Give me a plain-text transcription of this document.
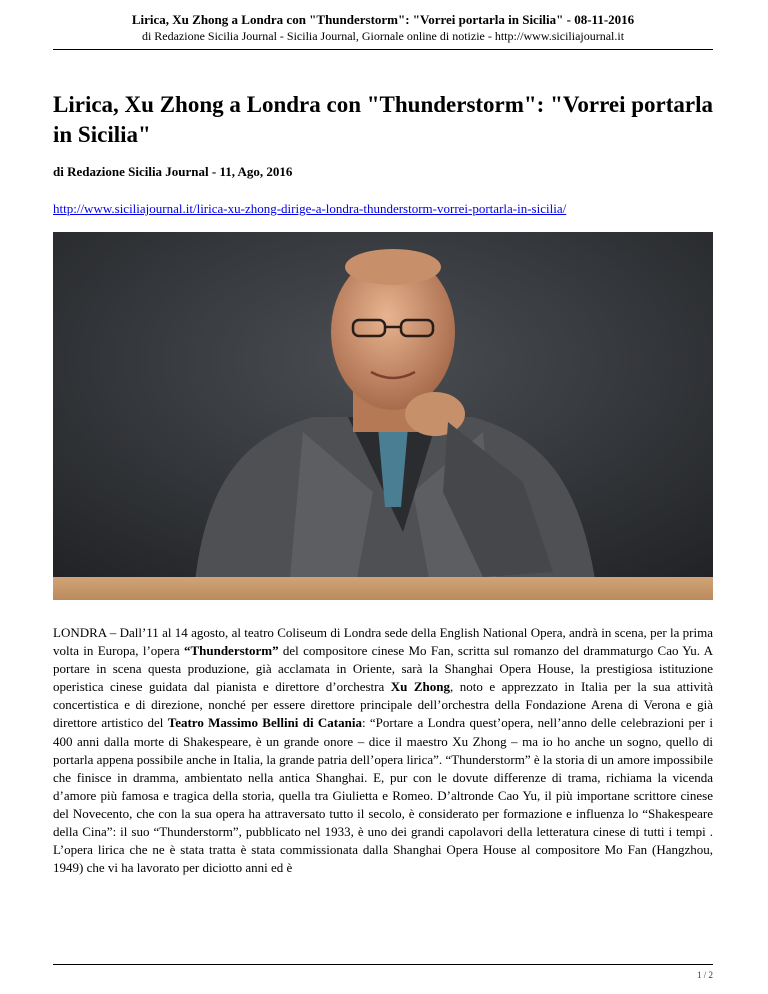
Lirica, Xu Zhong a Londra con "Thunderstorm": "Vorrei portarla in Sicilia" - 08-11-2016
di Redazione Sicilia Journal - Sicilia Journal, Giornale online di notizie - http://www.siciliajournal.it
Lirica, Xu Zhong a Londra con "Thunderstorm": "Vorrei portarla in Sicilia"
di Redazione Sicilia Journal - 11, Ago, 2016
http://www.siciliajournal.it/lirica-xu-zhong-dirige-a-londra-thunderstorm-vorrei-portarla-in-sicilia/

LONDRA – Dall’11 al 14 agosto, al teatro Coliseum di Londra sede della English National Opera, andrà in scena, per la prima volta in Europa, l’opera “Thunderstorm” del compositore cinese Mo Fan, scritta sul romanzo del drammaturgo Cao Yu. A portare in scena questa produzione, già acclamata in Oriente, sarà la Shanghai Opera House, la prestigiosa istituzione operistica cinese guidata dal pianista e direttore d’orchestra Xu Zhong, noto e apprezzato in Italia per la sua attività concertistica e di direzione, nonché per essere direttore principale dell’orchestra della Fondazione Arena di Verona e già direttore artistico del Teatro Massimo Bellini di Catania: “Portare a Londra quest’opera, nell’anno delle celebrazioni per i 400 anni dalla morte di Shakespeare, è un grande onore – dice il maestro Xu Zhong – ma io ho anche un sogno, quello di portarla appena possibile anche in Italia, la grande patria dell’opera lirica”. “Thunderstorm” è la storia di un amore impossibile che finisce in dramma, ambientato nella antica Shanghai. E, pur con le dovute differenze di trama, richiama la vicenda d’amore più famosa e tragica della storia, quella tra Giulietta e Romeo. D’altronde Cao Yu, il più importane scrittore cinese del Novecento, che con la sua opera ha attraversato tutto il secolo, è considerato per formazione e influenza lo “Shakespeare della Cina”: il suo “Thunderstorm”, pubblicato nel 1933, è uno dei grandi capolavori della letteratura cinese di tutti i tempi . L’opera lirica che ne è stata tratta è stata commissionata dalla Shanghai Opera House al compositore Mo Fan (Hangzhou, 1949) che vi ha lavorato per diciotto anni ed è

1 / 2
